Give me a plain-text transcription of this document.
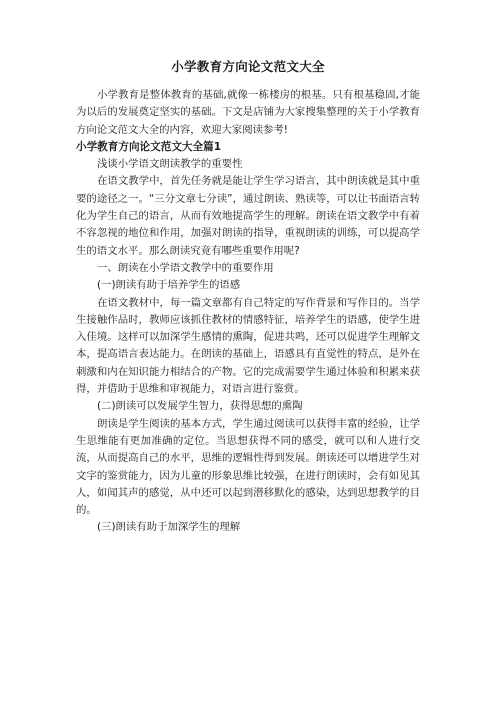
小学教育方向论文范文大全

小学教育是整体教育的基础,就像一栋楼房的根基。只有根基稳固,才能为以后的发展奠定坚实的基础。下文是店铺为大家搜集整理的关于小学教育方向论文范文大全的内容，欢迎大家阅读参考!

小学教育方向论文范文大全篇1

浅谈小学语文朗读教学的重要性

在语文教学中，首先任务就是能让学生学习语言，其中朗读就是其中重要的途径之一。“三分文章七分读”，通过朗读、熟读等，可以让书面语言转化为学生自己的语言，从而有效地提高学生的理解。朗读在语文教学中有着不容忽视的地位和作用，加强对朗读的指导，重视朗读的训练，可以提高学生的语文水平。那么朗读究竟有哪些重要作用呢?

一、朗读在小学语文教学中的重要作用

(一)朗读有助于培养学生的语感

在语文教材中，每一篇文章都有自己特定的写作背景和写作目的。当学生接触作品时，教师应该抓住教材的情感特征，培养学生的语感，使学生进入佳境。这样可以加深学生感情的熏陶，促进共鸣，还可以促进学生理解文本，提高语言表达能力。在朗读的基础上，语感具有直觉性的特点，是外在刺激和内在知识能力相结合的产物。它的完成需要学生通过体验和积累来获得，并借助于思维和审视能力，对语言进行鉴赏。

(二)朗读可以发展学生智力，获得思想的熏陶

朗读是学生阅读的基本方式，学生通过阅读可以获得丰富的经验，让学生思维能有更加准确的定位。当思想获得不同的感受，就可以和人进行交流，从而提高自己的水平，思维的逻辑性得到发展。朗读还可以增进学生对文字的鉴赏能力，因为儿童的形象思维比较强，在进行朗读时，会有如见其人，如闻其声的感觉，从中还可以起到潜移默化的感染，达到思想教学的目的。

(三)朗读有助于加深学生的理解
